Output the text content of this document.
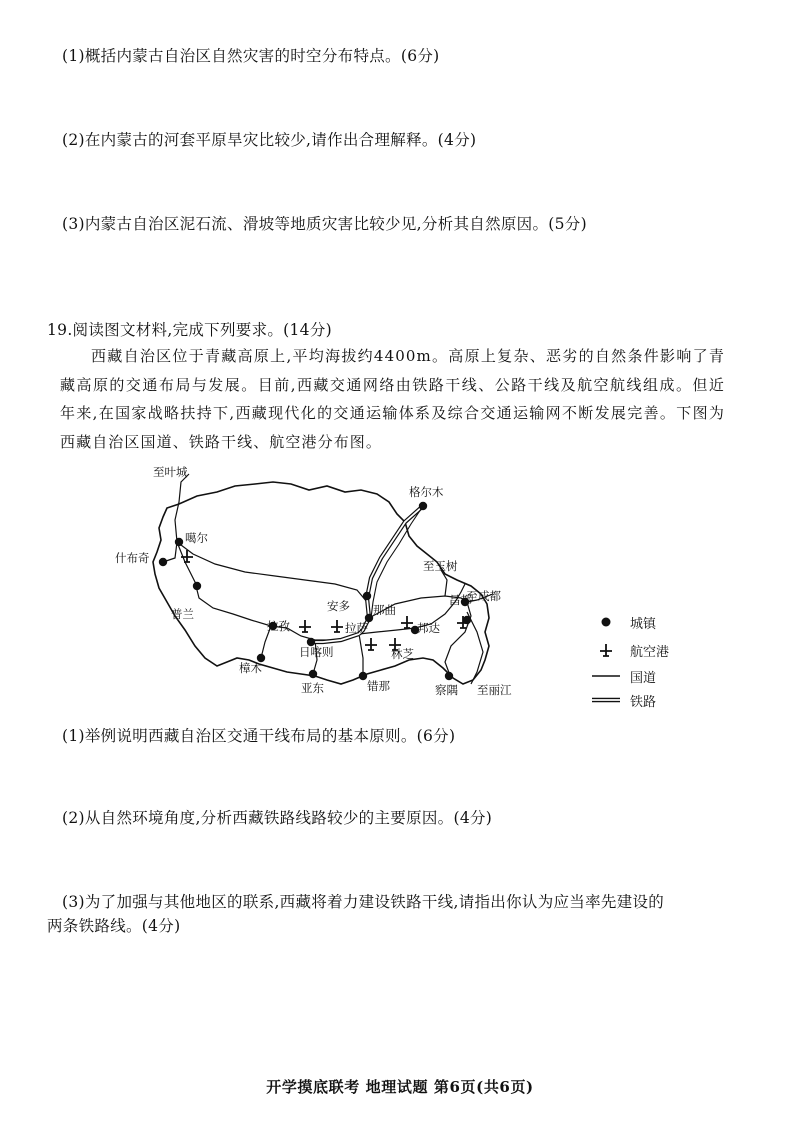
(1)概括内蒙古自治区自然灾害的时空分布特点。(6分)
(2)在内蒙古的河套平原旱灾比较少,请作出合理解释。(4分)
(3)内蒙古自治区泥石流、滑坡等地质灾害比较少见,分析其自然原因。(5分)
19.阅读图文材料,完成下列要求。(14分)
西藏自治区位于青藏高原上,平均海拔约4400m。高原上复杂、恶劣的自然条件影响了青藏高原的交通布局与发展。目前,西藏交通网络由铁路干线、公路干线及航空航线组成。但近年来,在国家战略扶持下,西藏现代化的交通运输体系及综合交通运输网不断发展完善。下图为西藏自治区国道、铁路干线、航空港分布图。
至叶城
格尔木
噶尔
什布奇
至玉树
昌都
至成都
安多 那曲
普兰
拉孜	拉萨	邦达
日喀则	林芝
樟木
亚东	错那	察隅 至丽江
城镇
航空港
国道
铁路
(1)举例说明西藏自治区交通干线布局的基本原则。(6分)
(2)从自然环境角度,分析西藏铁路线路较少的主要原因。(4分)
(3)为了加强与其他地区的联系,西藏将着力建设铁路干线,请指出你认为应当率先建设的
两条铁路线。(4分)
开学摸底联考 地理试题 第6页(共6页)
